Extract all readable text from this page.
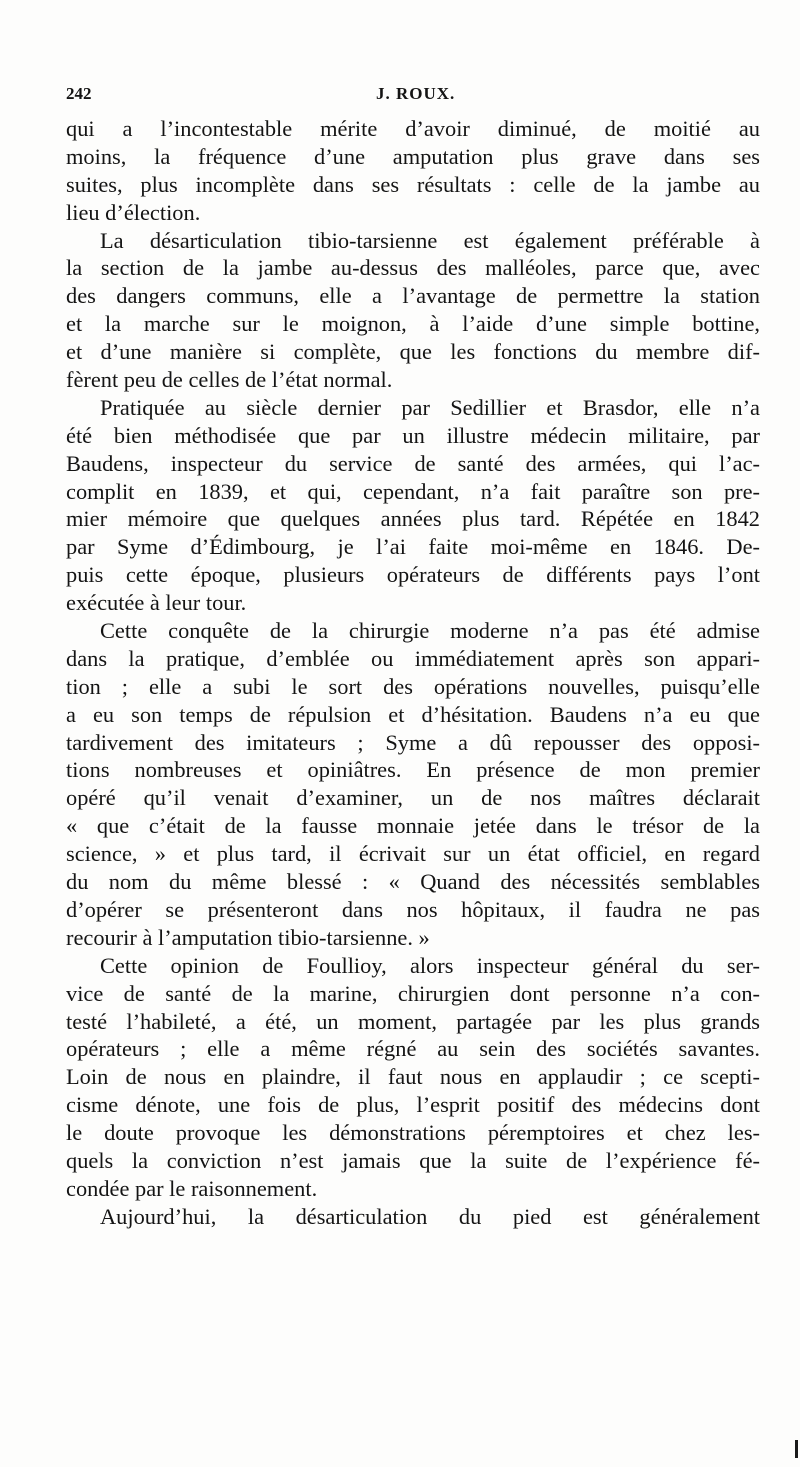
242	J. ROUX.
qui a l’incontestable mérite d’avoir diminué, de moitié au
moins, la fréquence d’une amputation plus grave dans ses
suites, plus incomplète dans ses résultats : celle de la jambe au
lieu d’élection.
La désarticulation tibio-tarsienne est également préférable à
la section de la jambe au-dessus des malléoles, parce que, avec
des dangers communs, elle a l’avantage de permettre la station
et la marche sur le moignon, à l’aide d’une simple bottine,
et d’une manière si complète, que les fonctions du membre dif-
fèrent peu de celles de l’état normal.
Pratiquée au siècle dernier par Sedillier et Brasdor, elle n’a
été bien méthodisée que par un illustre médecin militaire, par
Baudens, inspecteur du service de santé des armées, qui l’ac-
complit en 1839, et qui, cependant, n’a fait paraître son pre-
mier mémoire que quelques années plus tard. Répétée en 1842
par Syme d’Édimbourg, je l’ai faite moi-même en 1846. De-
puis cette époque, plusieurs opérateurs de différents pays l’ont
exécutée à leur tour.
Cette conquête de la chirurgie moderne n’a pas été admise
dans la pratique, d’emblée ou immédiatement après son appari-
tion ; elle a subi le sort des opérations nouvelles, puisqu’elle
a eu son temps de répulsion et d’hésitation. Baudens n’a eu que
tardivement des imitateurs ; Syme a dû repousser des opposi-
tions nombreuses et opiniâtres. En présence de mon premier
opéré qu’il venait d’examiner, un de nos maîtres déclarait
« que c’était de la fausse monnaie jetée dans le trésor de la
science, » et plus tard, il écrivait sur un état officiel, en regard
du nom du même blessé : « Quand des nécessités semblables
d’opérer se présenteront dans nos hôpitaux, il faudra ne pas
recourir à l’amputation tibio-tarsienne. »
Cette opinion de Foullioy, alors inspecteur général du ser-
vice de santé de la marine, chirurgien dont personne n’a con-
testé l’habileté, a été, un moment, partagée par les plus grands
opérateurs ; elle a même régné au sein des sociétés savantes.
Loin de nous en plaindre, il faut nous en applaudir ; ce scepti-
cisme dénote, une fois de plus, l’esprit positif des médecins dont
le doute provoque les démonstrations péremptoires et chez les-
quels la conviction n’est jamais que la suite de l’expérience fé-
condée par le raisonnement.
Aujourd’hui, la désarticulation du pied est généralement
